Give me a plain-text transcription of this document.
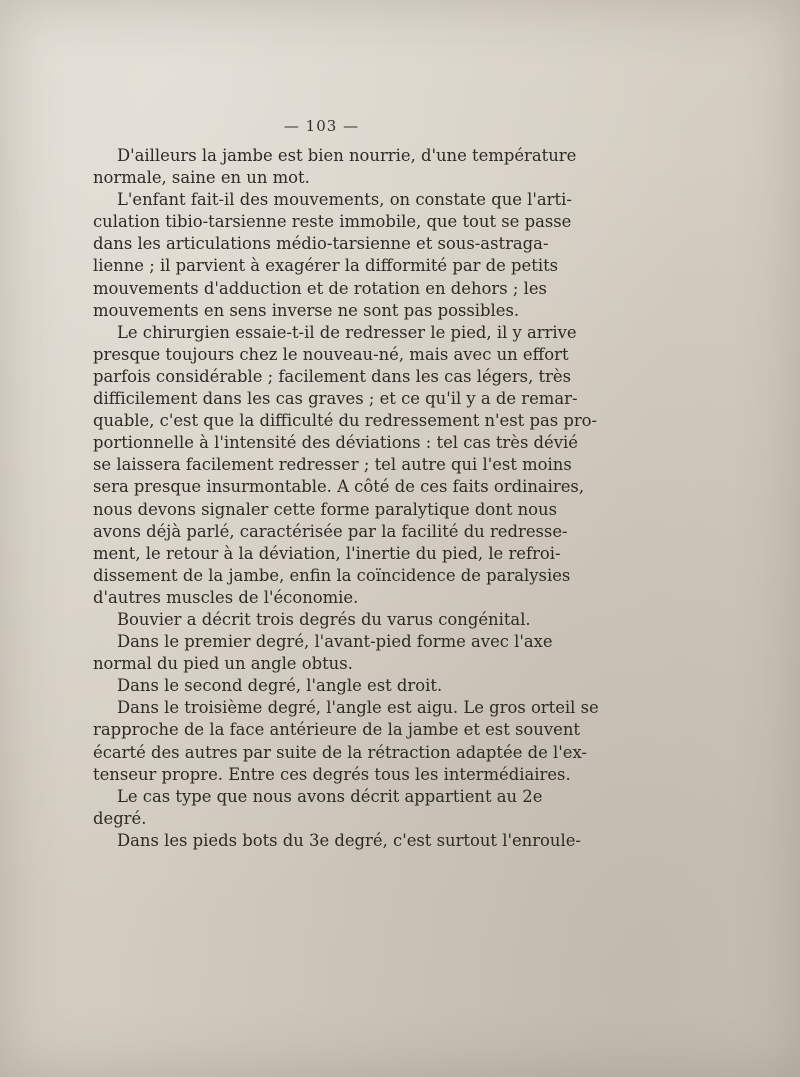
— 103 —

D'ailleurs la jambe est bien nourrie, d'une température
normale, saine en un mot.

L'enfant fait-il des mouvements, on constate que l'arti-
culation tibio-tarsienne reste immobile, que tout se passe
dans les articulations médio-tarsienne et sous-astraga-
lienne ; il parvient à exagérer la difformité par de petits
mouvements d'adduction et de rotation en dehors ; les
mouvements en sens inverse ne sont pas possibles.

Le chirurgien essaie-t-il de redresser le pied, il y arrive
presque toujours chez le nouveau-né, mais avec un effort
parfois considérable ; facilement dans les cas légers, très
difficilement dans les cas graves ; et ce qu'il y a de remar-
quable, c'est que la difficulté du redressement n'est pas pro-
portionnelle à l'intensité des déviations : tel cas très dévié
se laissera facilement redresser ; tel autre qui l'est moins
sera presque insurmontable. A côté de ces faits ordinaires,
nous devons signaler cette forme paralytique dont nous
avons déjà parlé, caractérisée par la facilité du redresse-
ment, le retour à la déviation, l'inertie du pied, le refroi-
dissement de la jambe, enfin la coïncidence de paralysies
d'autres muscles de l'économie.

Bouvier a décrit trois degrés du varus congénital.

Dans le premier degré, l'avant-pied forme avec l'axe
normal du pied un angle obtus.

Dans le second degré, l'angle est droit.

Dans le troisième degré, l'angle est aigu. Le gros orteil se
rapproche de la face antérieure de la jambe et est souvent
écarté des autres par suite de la rétraction adaptée de l'ex-
tenseur propre. Entre ces degrés tous les intermédiaires.

Le cas type que nous avons décrit appartient au 2e
degré.

Dans les pieds bots du 3e degré, c'est surtout l'enroule-
